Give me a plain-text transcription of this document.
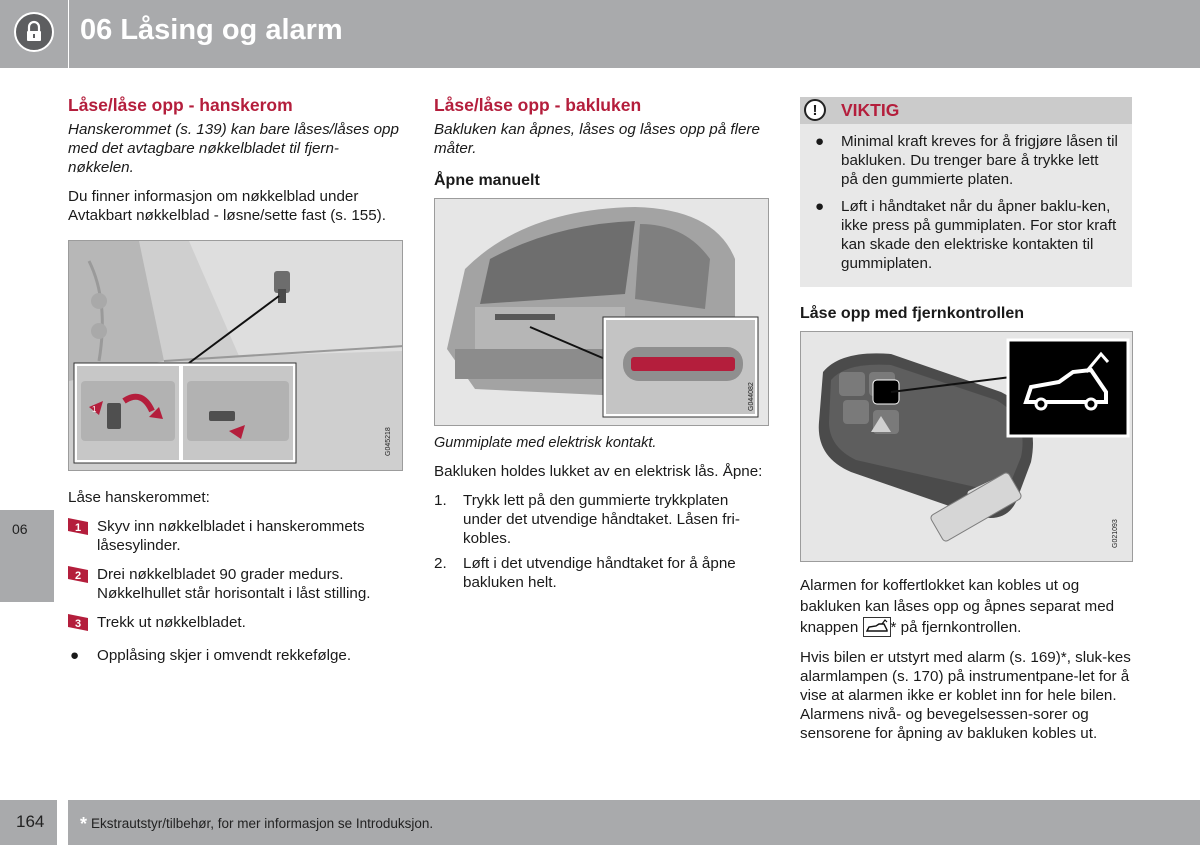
06 Låsing og alarm
06
Låse/låse opp - hanskerom

Hanskerommet (s. 139) kan bare låses/låses opp med det avtagbare nøkkelbladet til fjern-nøkkelen.

Du finner informasjon om nøkkelblad under Avtakbart nøkkelblad - løsne/sette fast (s. 155).

1
G045218

Låse hanskerommet:

1 Skyv inn nøkkelbladet i hanskerommets låsesylinder.
2 Drei nøkkelbladet 90 grader medurs. Nøkkelhullet står horisontalt i låst stilling.
3 Trekk ut nøkkelbladet.
● Opplåsing skjer i omvendt rekkefølge.
Låse/låse opp - bakluken

Bakluken kan åpnes, låses og låses opp på flere måter.

Åpne manuelt
G044082

Gummiplate med elektrisk kontakt.

Bakluken holdes lukket av en elektrisk lås. Åpne:

1. Trykk lett på den gummierte trykkplaten under det utvendige håndtaket. Låsen fri-kobles.
2. Løft i det utvendige håndtaket for å åpne bakluken helt.
!	VIKTIG
● Minimal kraft kreves for å frigjøre låsen til bakluken. Du trenger bare å trykke lett på den gummierte platen.
● Løft i håndtaket når du åpner baklu-ken, ikke press på gummiplaten. For stor kraft kan skade den elektriske kontakten til gummiplaten.
Låse opp med fjernkontrollen
G021093

Alarmen for koffertlokket kan kobles ut og bakluken kan låses opp og åpnes separat med knappen * på fjernkontrollen.

Hvis bilen er utstyrt med alarm (s. 169)*, sluk-kes alarmlampen (s. 170) på instrumentpane-let for å vise at alarmen ikke er koblet inn for hele bilen. Alarmens nivå- og bevegelsessen-sorer og sensorene for åpning av bakluken kobles ut.

164 * Ekstrautstyr/tilbehør, for mer informasjon se Introduksjon.
